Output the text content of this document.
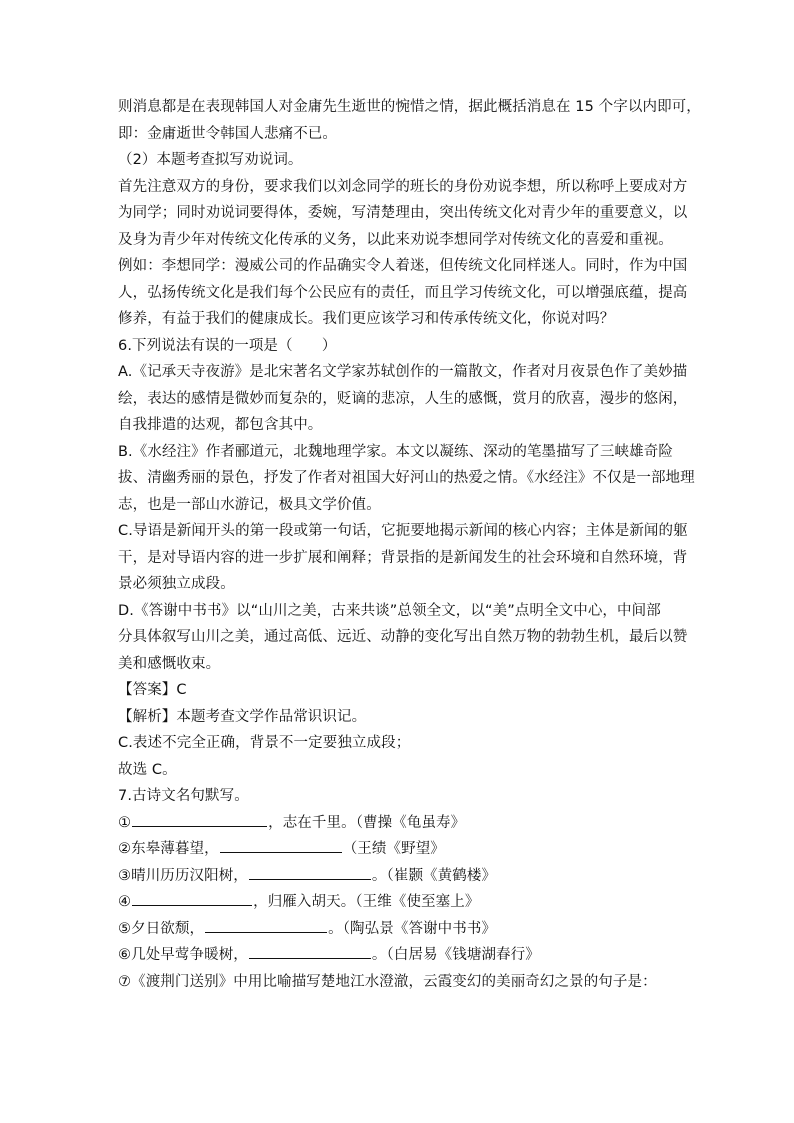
则消息都是在表现韩国人对金庸先生逝世的惋惜之情，据此概括消息在 15 个字以内即可，
即：金庸逝世令韩国人悲痛不已。
（2）本题考查拟写劝说词。
首先注意双方的身份，要求我们以刘念同学的班长的身份劝说李想，所以称呼上要成对方
为同学；同时劝说词要得体，委婉，写清楚理由，突出传统文化对青少年的重要意义，以
及身为青少年对传统文化传承的义务，以此来劝说李想同学对传统文化的喜爱和重视。
例如：李想同学：漫威公司的作品确实令人着迷，但传统文化同样迷人。同时，作为中国
人，弘扬传统文化是我们每个公民应有的责任，而且学习传统文化，可以增强底蕴，提高
修养，有益于我们的健康成长。我们更应该学习和传承传统文化，你说对吗？
6.下列说法有误的一项是（　　）
A.《记承天寺夜游》是北宋著名文学家苏轼创作的一篇散文，作者对月夜景色作了美妙描
绘，表达的感情是微妙而复杂的，贬谪的悲凉，人生的感慨，赏月的欣喜，漫步的悠闲，
自我排遣的达观，都包含其中。
B.《水经注》作者郦道元，北魏地理学家。本文以凝练、深动的笔墨描写了三峡雄奇险
拔、清幽秀丽的景色，抒发了作者对祖国大好河山的热爱之情。《水经注》不仅是一部地理
志，也是一部山水游记，极具文学价值。
C.导语是新闻开头的第一段或第一句话，它扼要地揭示新闻的核心内容；主体是新闻的躯
干，是对导语内容的进一步扩展和阐释；背景指的是新闻发生的社会环境和自然环境，背
景必须独立成段。
D.《答谢中书书》以“山川之美，古来共谈”总领全文，以“美”点明全文中心，中间部
分具体叙写山川之美，通过高低、远近、动静的变化写出自然万物的勃勃生机，最后以赞
美和感慨收束。
【答案】C
【解析】本题考查文学作品常识识记。
C.表述不完全正确，背景不一定要独立成段；
故选 C。
7.古诗文名句默写。
①	，志在千里。（曹操《龟虽寿》
②东皋薄暮望，	（王绩《野望》
③晴川历历汉阳树，	。（崔颢《黄鹤楼》
④	，归雁入胡天。（王维《使至塞上》
⑤夕日欲颓，	。（陶弘景《答谢中书书》
⑥几处早莺争暖树，	。（白居易《钱塘湖春行》
⑦《渡荆门送别》中用比喻描写楚地江水澄澈，云霞变幻的美丽奇幻之景的句子是：
